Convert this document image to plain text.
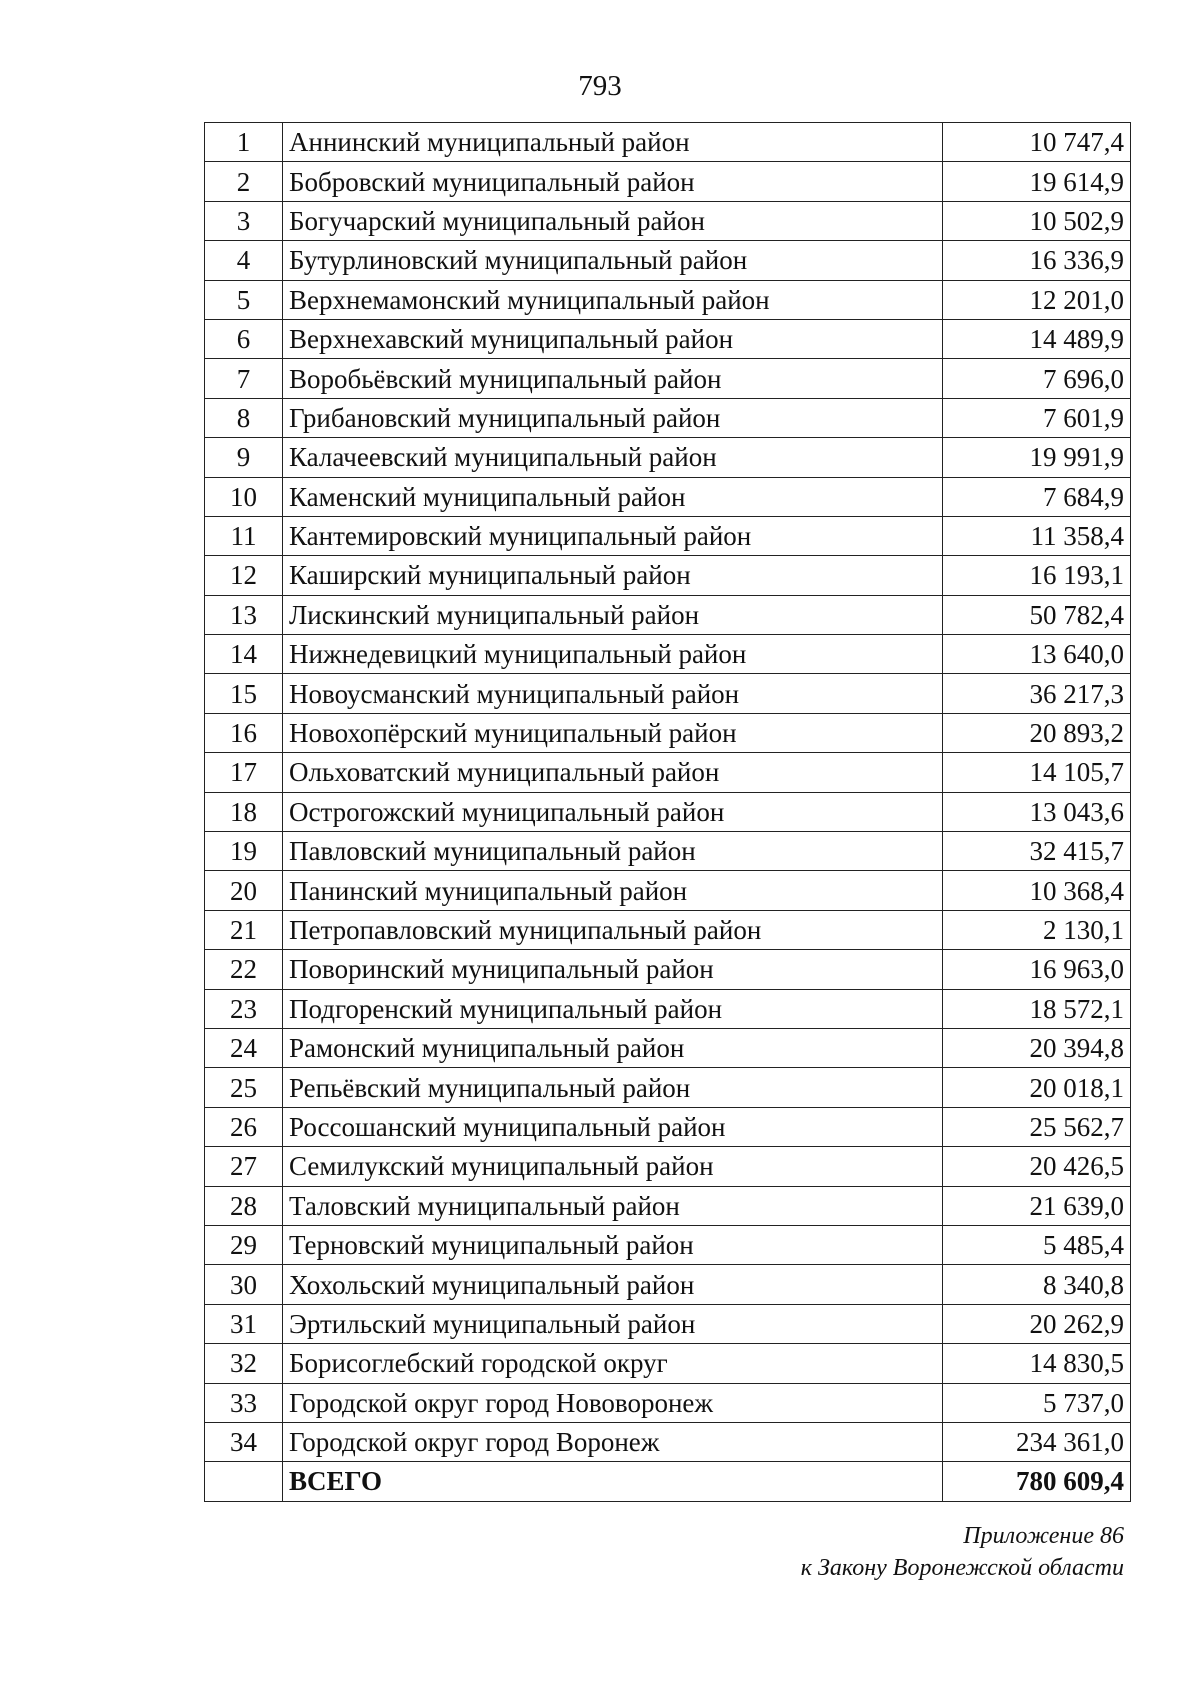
793
1	Аннинский муниципальный район	10 747,4
2	Бобровский муниципальный район	19 614,9
3	Богучарский муниципальный район	10 502,9
4	Бутурлиновский муниципальный район	16 336,9
5	Верхнемамонский муниципальный район	12 201,0
6	Верхнехавский муниципальный район	14 489,9
7	Воробьёвский муниципальный район	7 696,0
8	Грибановский муниципальный район	7 601,9
9	Калачеевский муниципальный район	19 991,9
10	Каменский муниципальный район	7 684,9
11	Кантемировский муниципальный район	11 358,4
12	Каширский муниципальный район	16 193,1
13	Лискинский муниципальный район	50 782,4
14	Нижнедевицкий муниципальный район	13 640,0
15	Новоусманский муниципальный район	36 217,3
16	Новохопёрский муниципальный район	20 893,2
17	Ольховатский муниципальный район	14 105,7
18	Острогожский муниципальный район	13 043,6
19	Павловский муниципальный район	32 415,7
20	Панинский муниципальный район	10 368,4
21	Петропавловский муниципальный район	2 130,1
22	Поворинский муниципальный район	16 963,0
23	Подгоренский муниципальный район	18 572,1
24	Рамонский муниципальный район	20 394,8
25	Репьёвский муниципальный район	20 018,1
26	Россошанский муниципальный район	25 562,7
27	Семилукский муниципальный район	20 426,5
28	Таловский муниципальный район	21 639,0
29	Терновский муниципальный район	5 485,4
30	Хохольский муниципальный район	8 340,8
31	Эртильский муниципальный район	20 262,9
32	Борисоглебский городской округ	14 830,5
33	Городской округ город Нововоронеж	5 737,0
34	Городской округ город Воронеж	234 361,0
	ВСЕГО	780 609,4
Приложение 86
к Закону Воронежской области
